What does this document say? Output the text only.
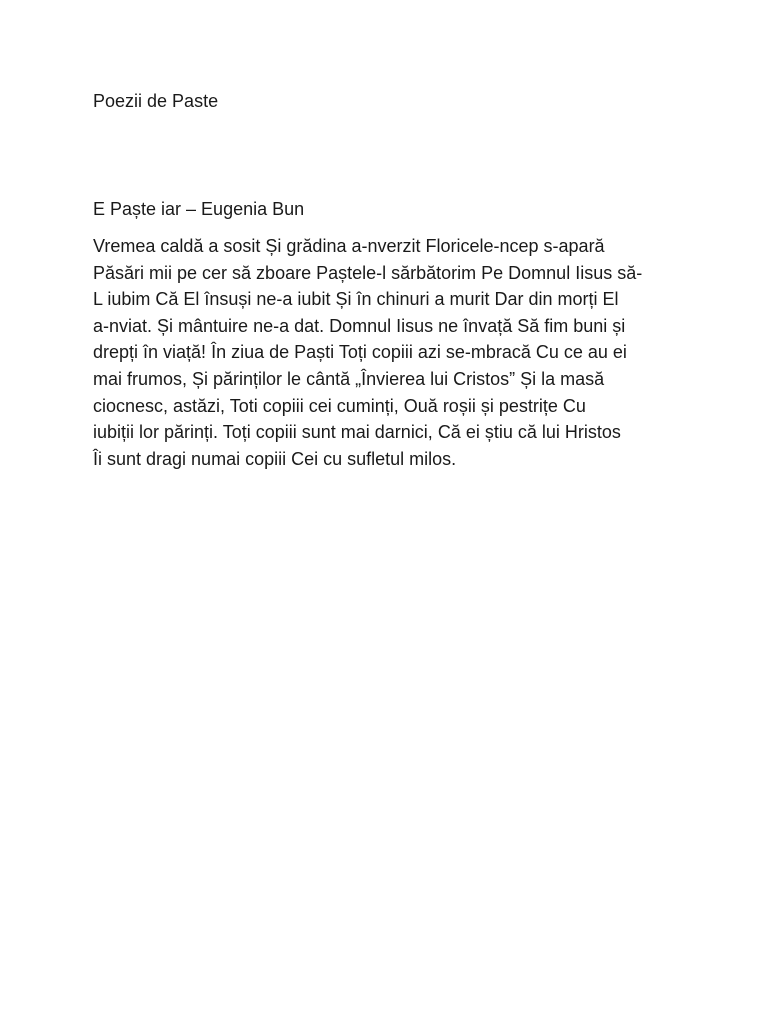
Poezii de Paste

E Paște iar – Eugenia Bun

Vremea caldă a sosit Și grădina a-nverzit Floricele-ncep s-apară
Păsări mii pe cer să zboare Paștele-l sărbătorim Pe Domnul Iisus să-
L iubim Că El însuși ne-a iubit Și în chinuri a murit Dar din morți El
a-nviat. Și mântuire ne-a dat. Domnul Iisus ne învață Să fim buni și
drepți în viață! În ziua de Paști Toți copiii azi se-mbracă Cu ce au ei
mai frumos, Și părinților le cântă „Învierea lui Cristos” Și la masă
ciocnesc, astăzi, Toti copiii cei cuminți, Ouă roșii și pestrițe Cu
iubiții lor părinți. Toți copiii sunt mai darnici, Că ei știu că lui Hristos
Îi sunt dragi numai copiii Cei cu sufletul milos.
